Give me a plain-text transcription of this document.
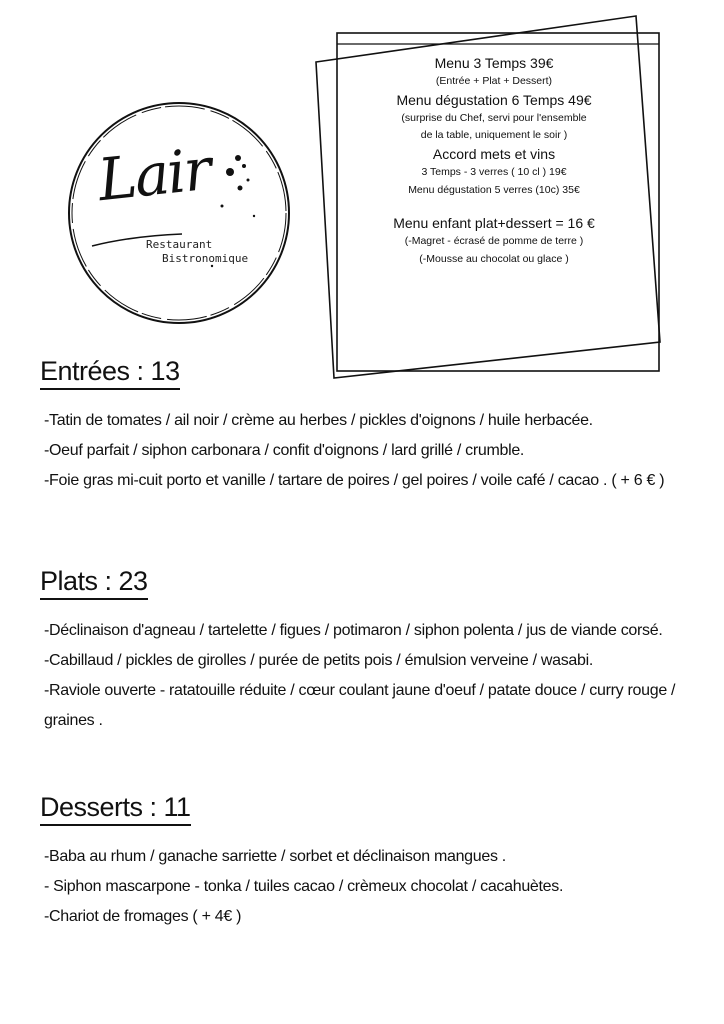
Lair
Restaurant
Bistronomique
Menu 3 Temps 39€
(Entrée + Plat + Dessert)
Menu dégustation 6 Temps 49€
(surprise du Chef, servi pour l'ensemble
de la table, uniquement le soir )
Accord mets et vins
3 Temps - 3 verres ( 10 cl ) 19€
Menu dégustation 5 verres (10c) 35€
Menu enfant plat+dessert = 16 €
(-Magret - écrasé de pomme de terre )
(-Mousse au chocolat ou glace )
Entrées : 13
-Tatin de tomates / ail noir / crème au herbes / pickles d'oignons / huile herbacée.
-Oeuf parfait / siphon carbonara / confit d'oignons / lard grillé / crumble.
-Foie gras mi-cuit porto et vanille / tartare de poires / gel poires / voile café / cacao . ( + 6 € )
Plats : 23
-Déclinaison d'agneau / tartelette / figues / potimaron / siphon polenta / jus de viande corsé.
-Cabillaud / pickles de girolles / purée de petits pois / émulsion verveine / wasabi.
-Raviole ouverte - ratatouille réduite / cœur coulant jaune d'oeuf / patate douce / curry rouge /
graines .
Desserts : 11
-Baba au rhum / ganache sarriette / sorbet et déclinaison mangues .
- Siphon mascarpone - tonka / tuiles cacao / crèmeux chocolat / cacahuètes.
-Chariot de fromages ( + 4€ )
